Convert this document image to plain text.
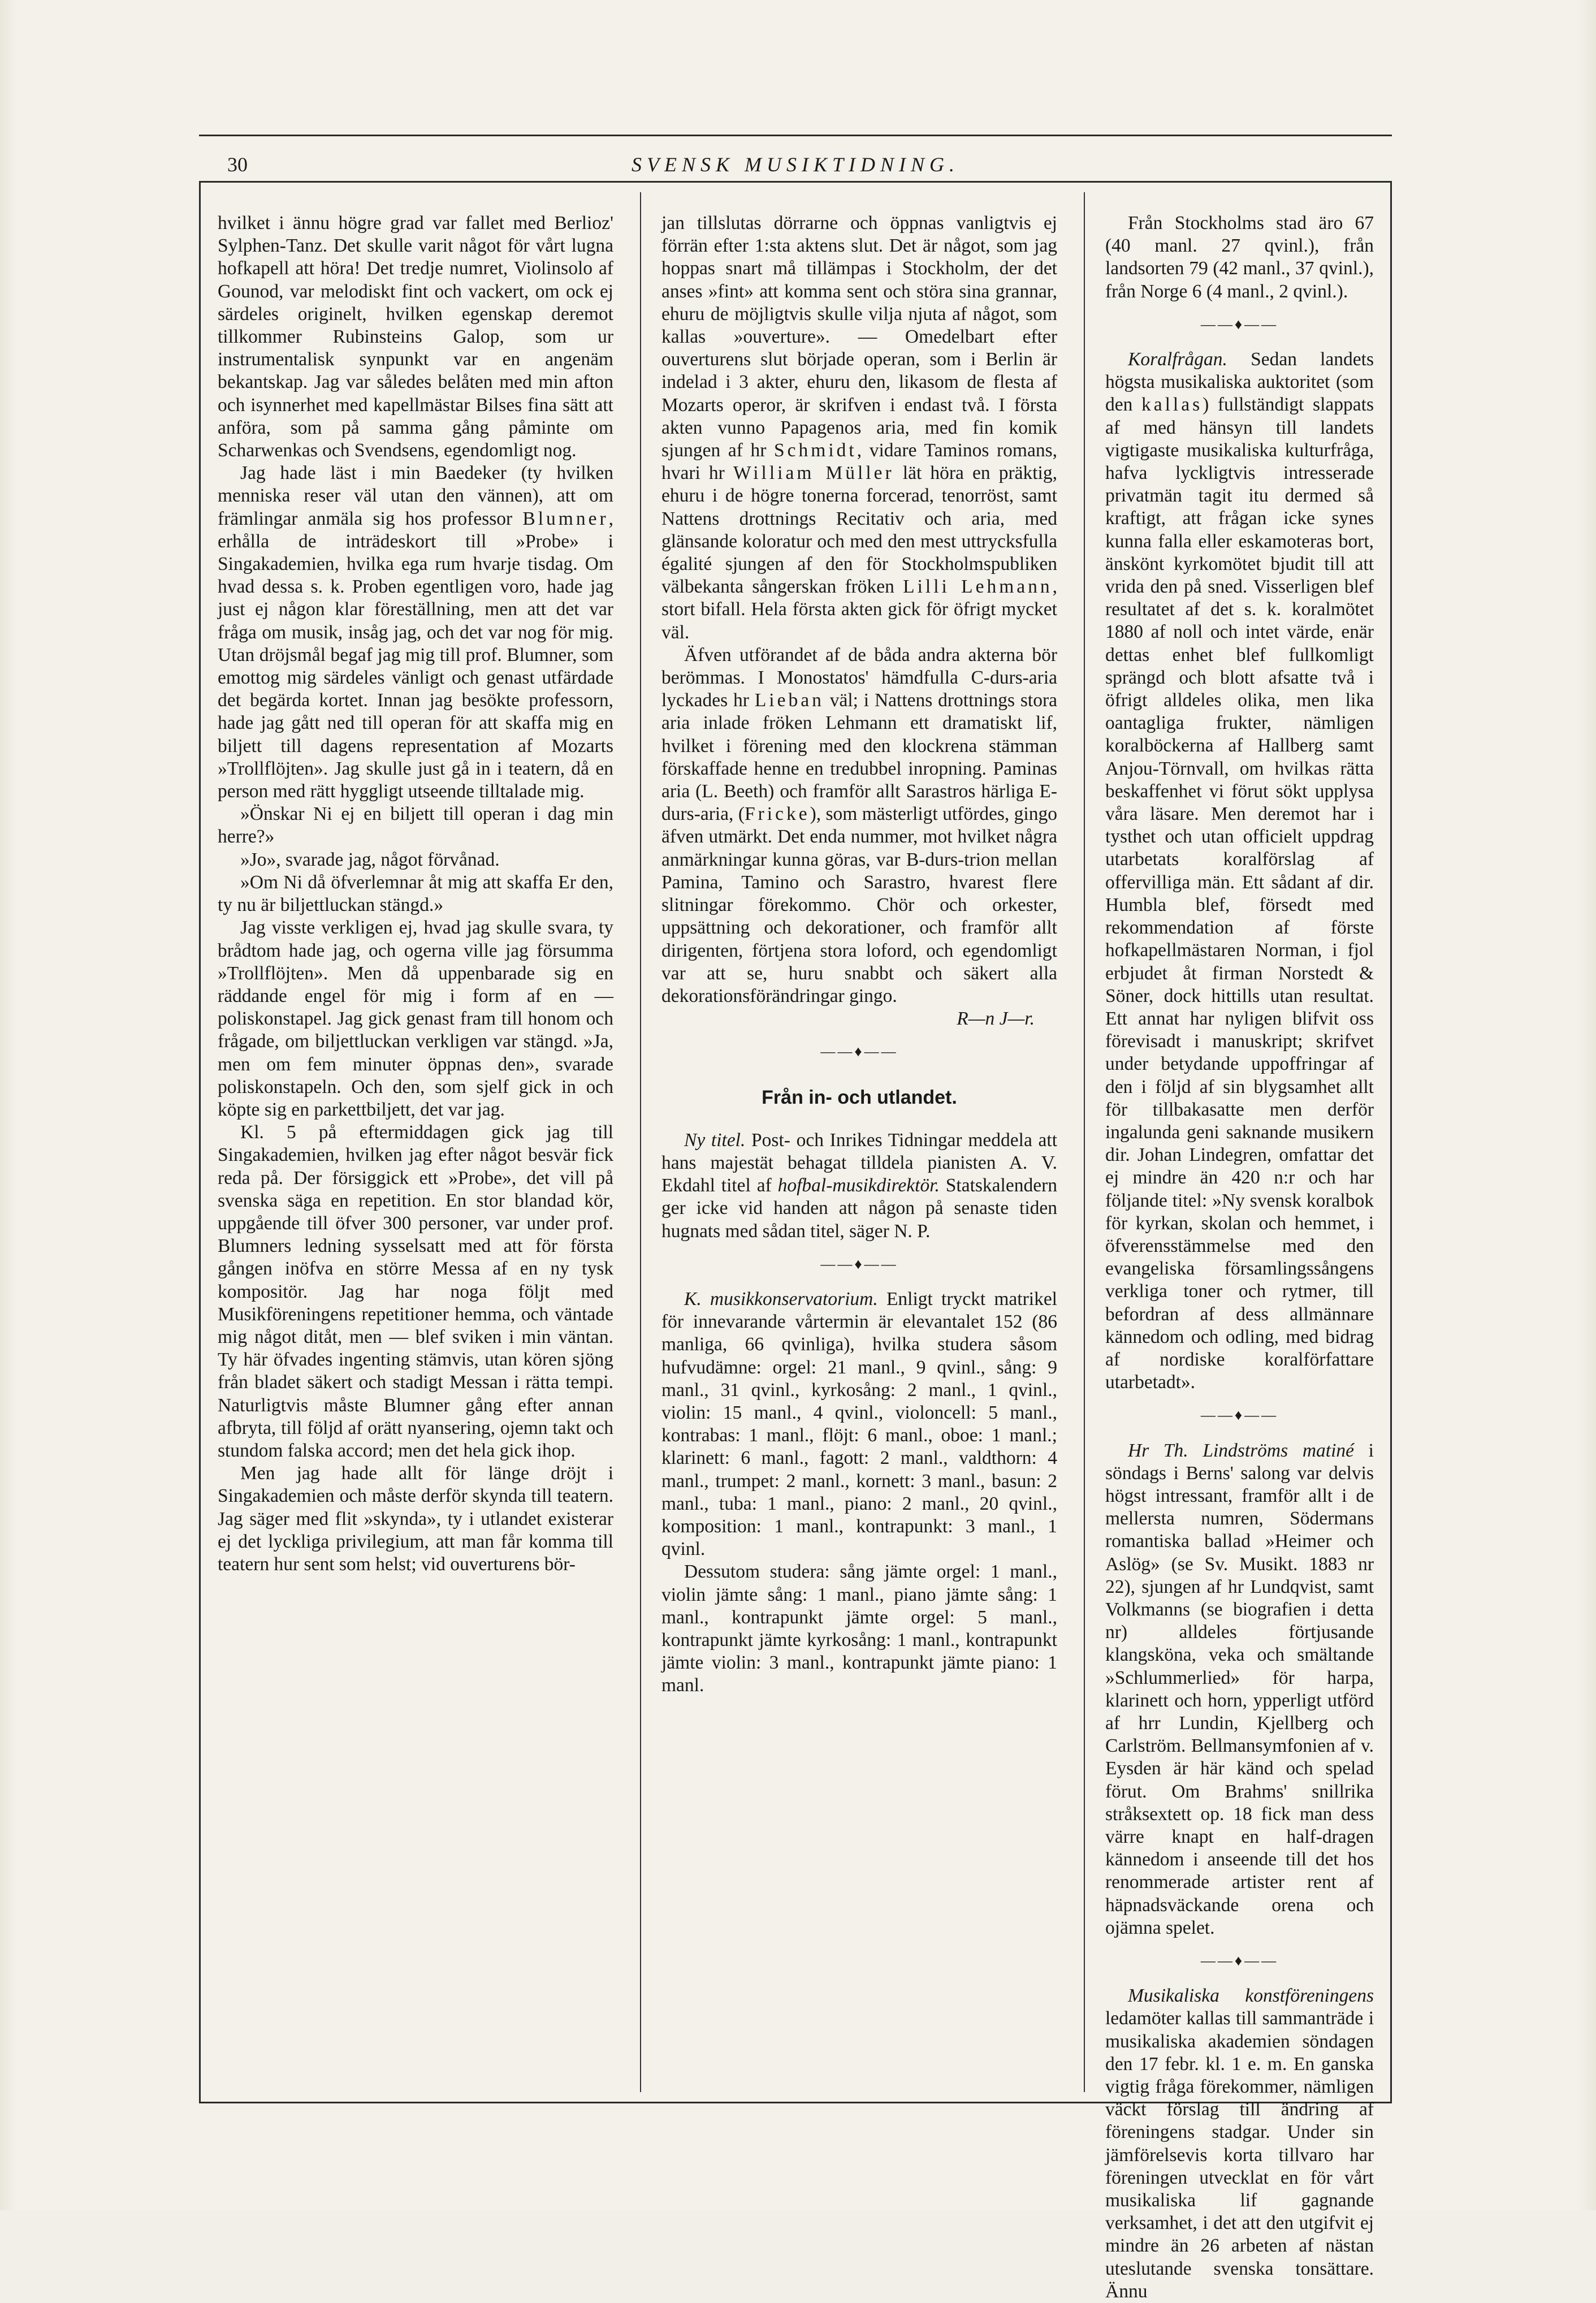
30	SVENSK MUSIKTIDNING.

hvilket i ännu högre grad var fallet med Berlioz' Sylphen-Tanz. Det skulle varit något för vårt lugna hofkapell att höra! Det tredje numret, Violinsolo af Gounod, var melodiskt fint och vackert, om ock ej särdeles originelt, hvilken egenskap deremot tillkommer Rubinsteins Galop, som ur instrumentalisk synpunkt var en angenäm bekantskap. Jag var således belåten med min afton och isynnerhet med kapellmästar Bilses fina sätt att anföra, som på samma gång påminte om Scharwenkas och Svendsens, egendomligt nog.

Jag hade läst i min Baedeker (ty hvilken menniska reser väl utan den vännen), att om främlingar anmäla sig hos professor Blumner, erhålla de inträdeskort till »Probe» i Singakademien, hvilka ega rum hvarje tisdag. Om hvad dessa s. k. Proben egentligen voro, hade jag just ej någon klar föreställning, men att det var fråga om musik, insåg jag, och det var nog för mig. Utan dröjsmål begaf jag mig till prof. Blumner, som emottog mig särdeles vänligt och genast utfärdade det begärda kortet. Innan jag besökte professorn, hade jag gått ned till operan för att skaffa mig en biljett till dagens representation af Mozarts »Trollflöjten». Jag skulle just gå in i teatern, då en person med rätt hyggligt utseende tilltalade mig.

»Önskar Ni ej en biljett till operan i dag min herre?»

»Jo», svarade jag, något förvånad.

»Om Ni då öfverlemnar åt mig att skaffa Er den, ty nu är biljettluckan stängd.»

Jag visste verkligen ej, hvad jag skulle svara, ty brådtom hade jag, och ogerna ville jag försumma »Trollflöjten». Men då uppenbarade sig en räddande engel för mig i form af en — poliskonstapel. Jag gick genast fram till honom och frågade, om biljettluckan verkligen var stängd. »Ja, men om fem minuter öppnas den», svarade poliskonstapeln. Och den, som sjelf gick in och köpte sig en parkettbiljett, det var jag.

Kl. 5 på eftermiddagen gick jag till Singakademien, hvilken jag efter något besvär fick reda på. Der försiggick ett »Probe», det vill på svenska säga en repetition. En stor blandad kör, uppgående till öfver 300 personer, var under prof. Blumners ledning sysselsatt med att för första gången inöfva en större Messa af en ny tysk kompositör. Jag har noga följt med Musikföreningens repetitioner hemma, och väntade mig något ditåt, men — blef sviken i min väntan. Ty här öfvades ingenting stämvis, utan kören sjöng från bladet säkert och stadigt Messan i rätta tempi. Naturligtvis måste Blumner gång efter annan afbryta, till följd af orätt nyansering, ojemn takt och stundom falska accord; men det hela gick ihop.

Men jag hade allt för länge dröjt i Singakademien och måste derför skynda till teatern. Jag säger med flit »skynda», ty i utlandet existerar ej det lyckliga privilegium, att man får komma till teatern hur sent som helst; vid ouverturens bör-

jan tillslutas dörrarne och öppnas vanligtvis ej förrän efter 1:sta aktens slut. Det är något, som jag hoppas snart må tillämpas i Stockholm, der det anses »fint» att komma sent och störa sina grannar, ehuru de möjligtvis skulle vilja njuta af något, som kallas »ouverture». — Omedelbart efter ouverturens slut började operan, som i Berlin är indelad i 3 akter, ehuru den, likasom de flesta af Mozarts operor, är skrifven i endast två. I första akten vunno Papagenos aria, med fin komik sjungen af hr Schmidt, vidare Taminos romans, hvari hr William Müller lät höra en präktig, ehuru i de högre tonerna forcerad, tenorröst, samt Nattens drottnings Recitativ och aria, med glänsande koloratur och med den mest uttrycksfulla égalité sjungen af den för Stockholmspubliken välbekanta sångerskan fröken Lilli Lehmann, stort bifall. Hela första akten gick för öfrigt mycket väl.

Äfven utförandet af de båda andra akterna bör berömmas. I Monostatos' hämdfulla C-durs-aria lyckades hr Lieban väl; i Nattens drottnings stora aria inlade fröken Lehmann ett dramatiskt lif, hvilket i förening med den klockrena stämman förskaffade henne en tredubbel inropning. Paminas aria (L. Beeth) och framför allt Sarastros härliga E-durs-aria, (Fricke), som mästerligt utfördes, gingo äfven utmärkt. Det enda nummer, mot hvilket några anmärkningar kunna göras, var B-durs-trion mellan Pamina, Tamino och Sarastro, hvarest flere slitningar förekommo. Chör och orkester, uppsättning och dekorationer, och framför allt dirigenten, förtjena stora loford, och egendomligt var att se, huru snabbt och säkert alla dekorationsförändringar gingo.

R—n J—r.

——♦——
Från in- och utlandet.

Ny titel. Post- och Inrikes Tidningar meddela att hans majestät behagat tilldela pianisten A. V. Ekdahl titel af hofbal-musikdirektör. Statskalendern ger icke vid handen att någon på senaste tiden hugnats med sådan titel, säger N. P.

——♦——

K. musikkonservatorium. Enligt tryckt matrikel för innevarande vårtermin är elevantalet 152 (86 manliga, 66 qvinliga), hvilka studera såsom hufvudämne: orgel: 21 manl., 9 qvinl., sång: 9 manl., 31 qvinl., kyrkosång: 2 manl., 1 qvinl., violin: 15 manl., 4 qvinl., violoncell: 5 manl., kontrabas: 1 manl., flöjt: 6 manl., oboe: 1 manl.; klarinett: 6 manl., fagott: 2 manl., valdthorn: 4 manl., trumpet: 2 manl., kornett: 3 manl., basun: 2 manl., tuba: 1 manl., piano: 2 manl., 20 qvinl., komposition: 1 manl., kontrapunkt: 3 manl., 1 qvinl.

Dessutom studera: sång jämte orgel: 1 manl., violin jämte sång: 1 manl., piano jämte sång: 1 manl., kontrapunkt jämte orgel: 5 manl., kontrapunkt jämte kyrkosång: 1 manl., kontrapunkt jämte violin: 3 manl., kontrapunkt jämte piano: 1 manl.

Från Stockholms stad äro 67 (40 manl. 27 qvinl.), från landsorten 79 (42 manl., 37 qvinl.), från Norge 6 (4 manl., 2 qvinl.).

——♦——

Koralfrågan. Sedan landets högsta musikaliska auktoritet (som den kallas) fullständigt slappats af med hänsyn till landets vigtigaste musikaliska kulturfråga, hafva lyckligtvis intresserade privatmän tagit itu dermed så kraftigt, att frågan icke synes kunna falla eller eskamoteras bort, änskönt kyrkomötet bjudit till att vrida den på sned. Visserligen blef resultatet af det s. k. koralmötet 1880 af noll och intet värde, enär dettas enhet blef fullkomligt sprängd och blott afsatte två i öfrigt alldeles olika, men lika oantagliga frukter, nämligen koralböckerna af Hallberg samt Anjou-Törnvall, om hvilkas rätta beskaffenhet vi förut sökt upplysa våra läsare. Men deremot har i tysthet och utan officielt uppdrag utarbetats koralförslag af offervilliga män. Ett sådant af dir. Humbla blef, försedt med rekommendation af förste hofkapellmästaren Norman, i fjol erbjudet åt firman Norstedt & Söner, dock hittills utan resultat. Ett annat har nyligen blifvit oss förevisadt i manuskript; skrifvet under betydande uppoffringar af den i följd af sin blygsamhet allt för tillbakasatte men derför ingalunda geni saknande musikern dir. Johan Lindegren, omfattar det ej mindre än 420 n:r och har följande titel: »Ny svensk koralbok för kyrkan, skolan och hemmet, i öfverensstämmelse med den evangeliska församlingssångens verkliga toner och rytmer, till befordran af dess allmännare kännedom och odling, med bidrag af nordiske koralförfattare utarbetadt».

——♦——

Hr Th. Lindströms matiné i söndags i Berns' salong var delvis högst intressant, framför allt i de mellersta numren, Södermans romantiska ballad »Heimer och Aslög» (se Sv. Musikt. 1883 nr 22), sjungen af hr Lundqvist, samt Volkmanns (se biografien i detta nr) alldeles förtjusande klangsköna, veka och smältande »Schlummerlied» för harpa, klarinett och horn, ypperligt utförd af hrr Lundin, Kjellberg och Carlström. Bellmansymfonien af v. Eysden är här känd och spelad förut. Om Brahms' snillrika stråksextett op. 18 fick man dess värre knapt en half-dragen kännedom i anseende till det hos renommerade artister rent af häpnadsväckande orena och ojämna spelet.

——♦——

Musikaliska konstföreningens ledamöter kallas till sammanträde i musikaliska akademien söndagen den 17 febr. kl. 1 e. m. En ganska vigtig fråga förekommer, nämligen väckt förslag till ändring af föreningens stadgar. Under sin jämförelsevis korta tillvaro har föreningen utvecklat en för vårt musikaliska lif gagnande verksamhet, i det att den utgifvit ej mindre än 26 arbeten af nästan uteslutande svenska tonsättare. Ännu
